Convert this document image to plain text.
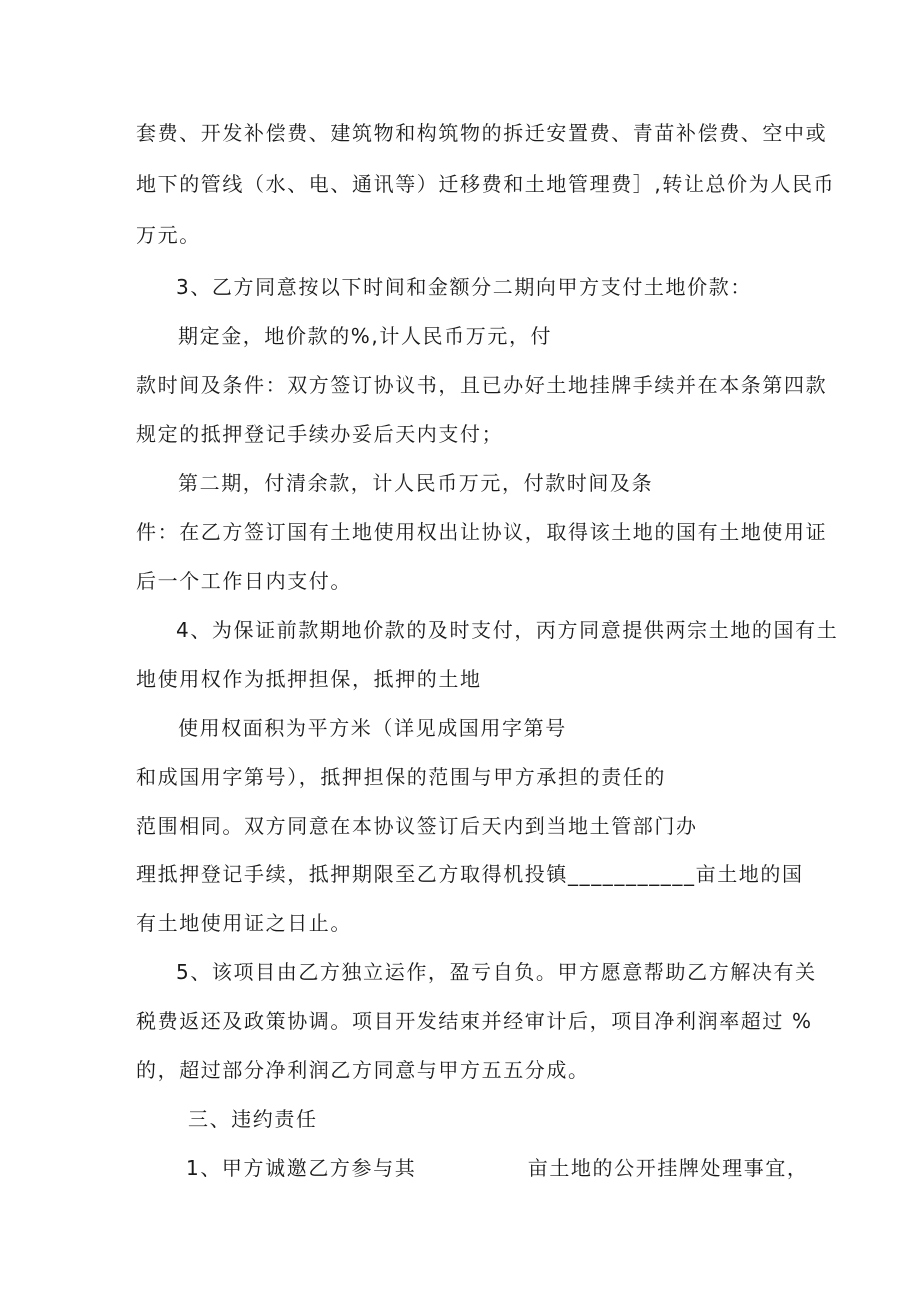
套费、开发补偿费、建筑物和构筑物的拆迁安置费、青苗补偿费、空中或
地下的管线（水、电、通讯等）迁移费和土地管理费］,转让总价为人民币
万元。
3、乙方同意按以下时间和金额分二期向甲方支付土地价款：
期定金，地价款的%,计人民币万元，付
款时间及条件：双方签订协议书，且已办好土地挂牌手续并在本条第四款
规定的抵押登记手续办妥后天内支付；
第二期，付清余款，计人民币万元，付款时间及条
件：在乙方签订国有土地使用权出让协议，取得该土地的国有土地使用证
后一个工作日内支付。
4、为保证前款期地价款的及时支付，丙方同意提供两宗土地的国有土
地使用权作为抵押担保，抵押的土地
使用权面积为平方米（详见成国用字第号
和成国用字第号），抵押担保的范围与甲方承担的责任的
范围相同。双方同意在本协议签订后天内到当地土管部门办
理抵押登记手续，抵押期限至乙方取得机投镇___________亩土地的国
有土地使用证之日止。
5、该项目由乙方独立运作，盈亏自负。甲方愿意帮助乙方解决有关
税费返还及政策协调。项目开发结束并经审计后，项目净利润率超过 %
的，超过部分净利润乙方同意与甲方五五分成。
三、违约责任
1、甲方诚邀乙方参与其              亩土地的公开挂牌处理事宜，
